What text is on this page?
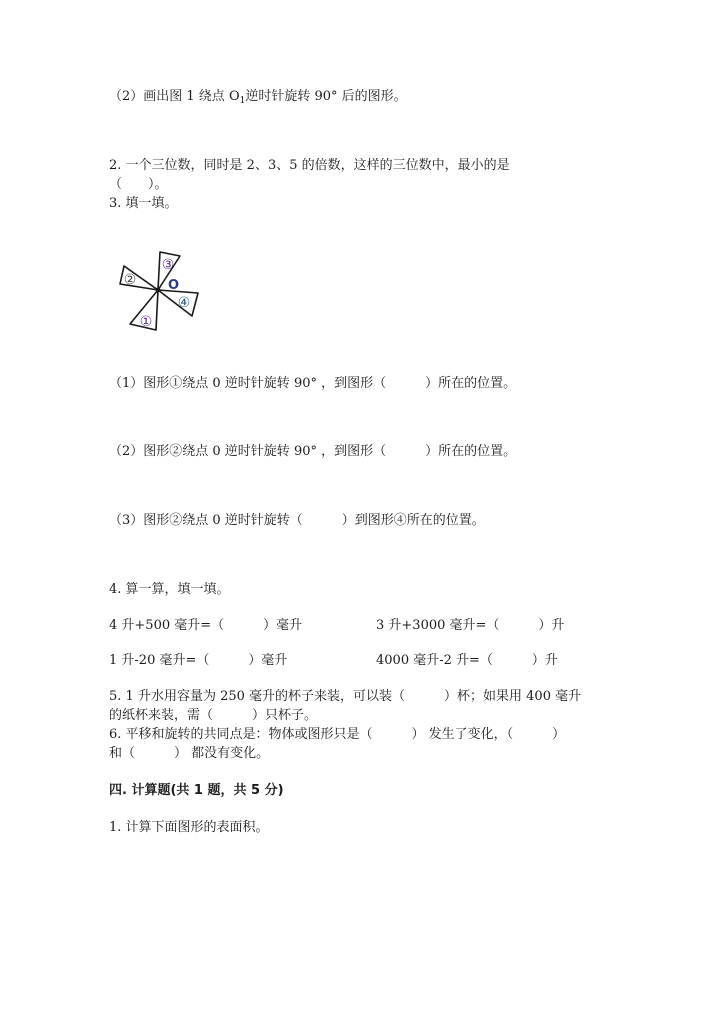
（2）画出图 1 绕点 $O_1$逆时针旋转 90° 后的图形。
2. 一个三位数，同时是 2、3、5 的倍数，这样的三位数中，最小的是
（　　）。
3. 填一填。
③
④
②
①
O
（1）图形①绕点 0 逆时针旋转 90° ，到图形（　　　）所在的位置。
（2）图形②绕点 0 逆时针旋转 90° ，到图形（　　　）所在的位置。
（3）图形②绕点 0 逆时针旋转（　　　）到图形④所在的位置。
4. 算一算，填一填。
4 升+500 毫升=（　　　）毫升	3 升+3000 毫升=（　　　）升
1 升-20 毫升=（　　　）毫升	4000 毫升-2 升=（　　　）升
5. 1 升水用容量为 250 毫升的杯子来装，可以装（　　　）杯；如果用 400 毫升
的纸杯来装，需（　　　）只杯子。
6. 平移和旋转的共同点是：物体或图形只是（　　　） 发生了变化，（　　　）
和（　　　） 都没有变化。
四. 计算题(共 1 题，共 5 分)
1. 计算下面图形的表面积。
